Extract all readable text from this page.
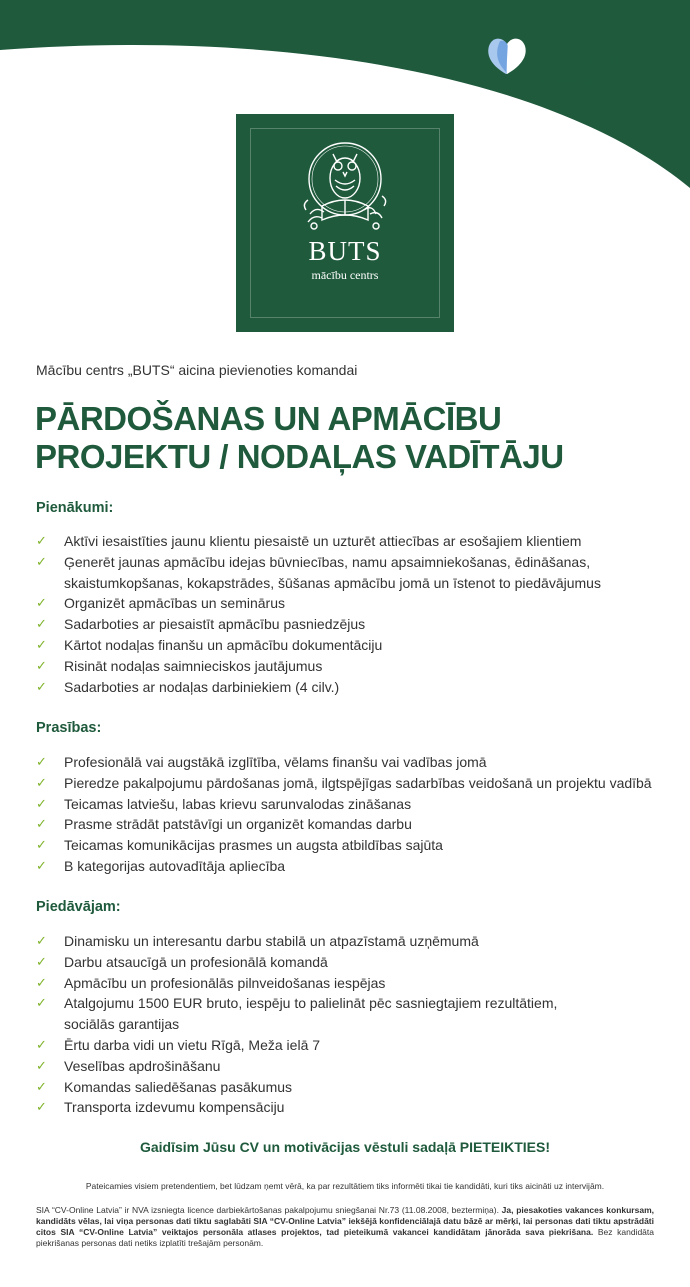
CV-Online
Recruitment
BUTS
mācību centrs
Mācību centrs „BUTS“ aicina pievienoties komandai
PĀRDOŠANAS UN APMĀCĪBU
PROJEKTU / NODAĻAS VADĪTĀJU
Pienākumi:
✓ Aktīvi iesaistīties jaunu klientu piesaistē un uzturēt attiecības ar esošajiem klientiem
✓ Ģenerēt jaunas apmācību idejas būvniecības, namu apsaimniekošanas, ēdināšanas, skaistumkopšanas, kokapstrādes, šūšanas apmācību jomā un īstenot to piedāvājumus
✓ Organizēt apmācības un seminārus
✓ Sadarboties ar piesaistīt apmācību pasniedzējus
✓ Kārtot nodaļas finanšu un apmācību dokumentāciju
✓ Risināt nodaļas saimnieciskos jautājumus
✓ Sadarboties ar nodaļas darbiniekiem (4 cilv.)
Prasības:
✓ Profesionālā vai augstākā izglītība, vēlams finanšu vai vadības jomā
✓ Pieredze pakalpojumu pārdošanas jomā, ilgtspējīgas sadarbības veidošanā un projektu vadībā
✓ Teicamas latviešu, labas krievu sarunvalodas zināšanas
✓ Prasme strādāt patstāvīgi un organizēt komandas darbu
✓ Teicamas komunikācijas prasmes un augsta atbildības sajūta
✓ B kategorijas autovadītāja apliecība
Piedāvājam:
✓ Dinamisku un interesantu darbu stabilā un atpazīstamā uzņēmumā
✓ Darbu atsaucīgā un profesionālā komandā
✓ Apmācību un profesionālās pilnveidošanas iespējas
✓ Atalgojumu 1500 EUR bruto, iespēju to palielināt pēc sasniegtajiem rezultātiem, sociālās garantijas
✓ Ērtu darba vidi un vietu Rīgā, Meža ielā 7
✓ Veselības apdrošināšanu
✓ Komandas saliedēšanas pasākumus
✓ Transporta izdevumu kompensāciju
Gaidīsim Jūsu CV un motivācijas vēstuli sadaļā PIETEIKTIES!
Pateicamies visiem pretendentiem, bet lūdzam ņemt vērā, ka par rezultātiem tiks informēti tikai tie kandidāti, kuri tiks aicināti uz intervijām.
SIA “CV-Online Latvia” ir NVA izsniegta licence darbiekārtošanas pakalpojumu sniegšanai Nr.73 (11.08.2008, beztermiņa). Ja, piesakoties vakances konkursam, kandidāts vēlas, lai viņa personas dati tiktu saglabāti SIA “CV-Online Latvia” iekšējā konfidenciālajā datu bāzē ar mērķi, lai personas dati tiktu apstrādāti citos SIA “CV-Online Latvia” veiktajos personāla atlases projektos, tad pieteikumā vakancei kandidātam jānorāda sava piekrišana. Bez kandidāta piekrišanas personas dati netiks izplatīti trešajām personām.
